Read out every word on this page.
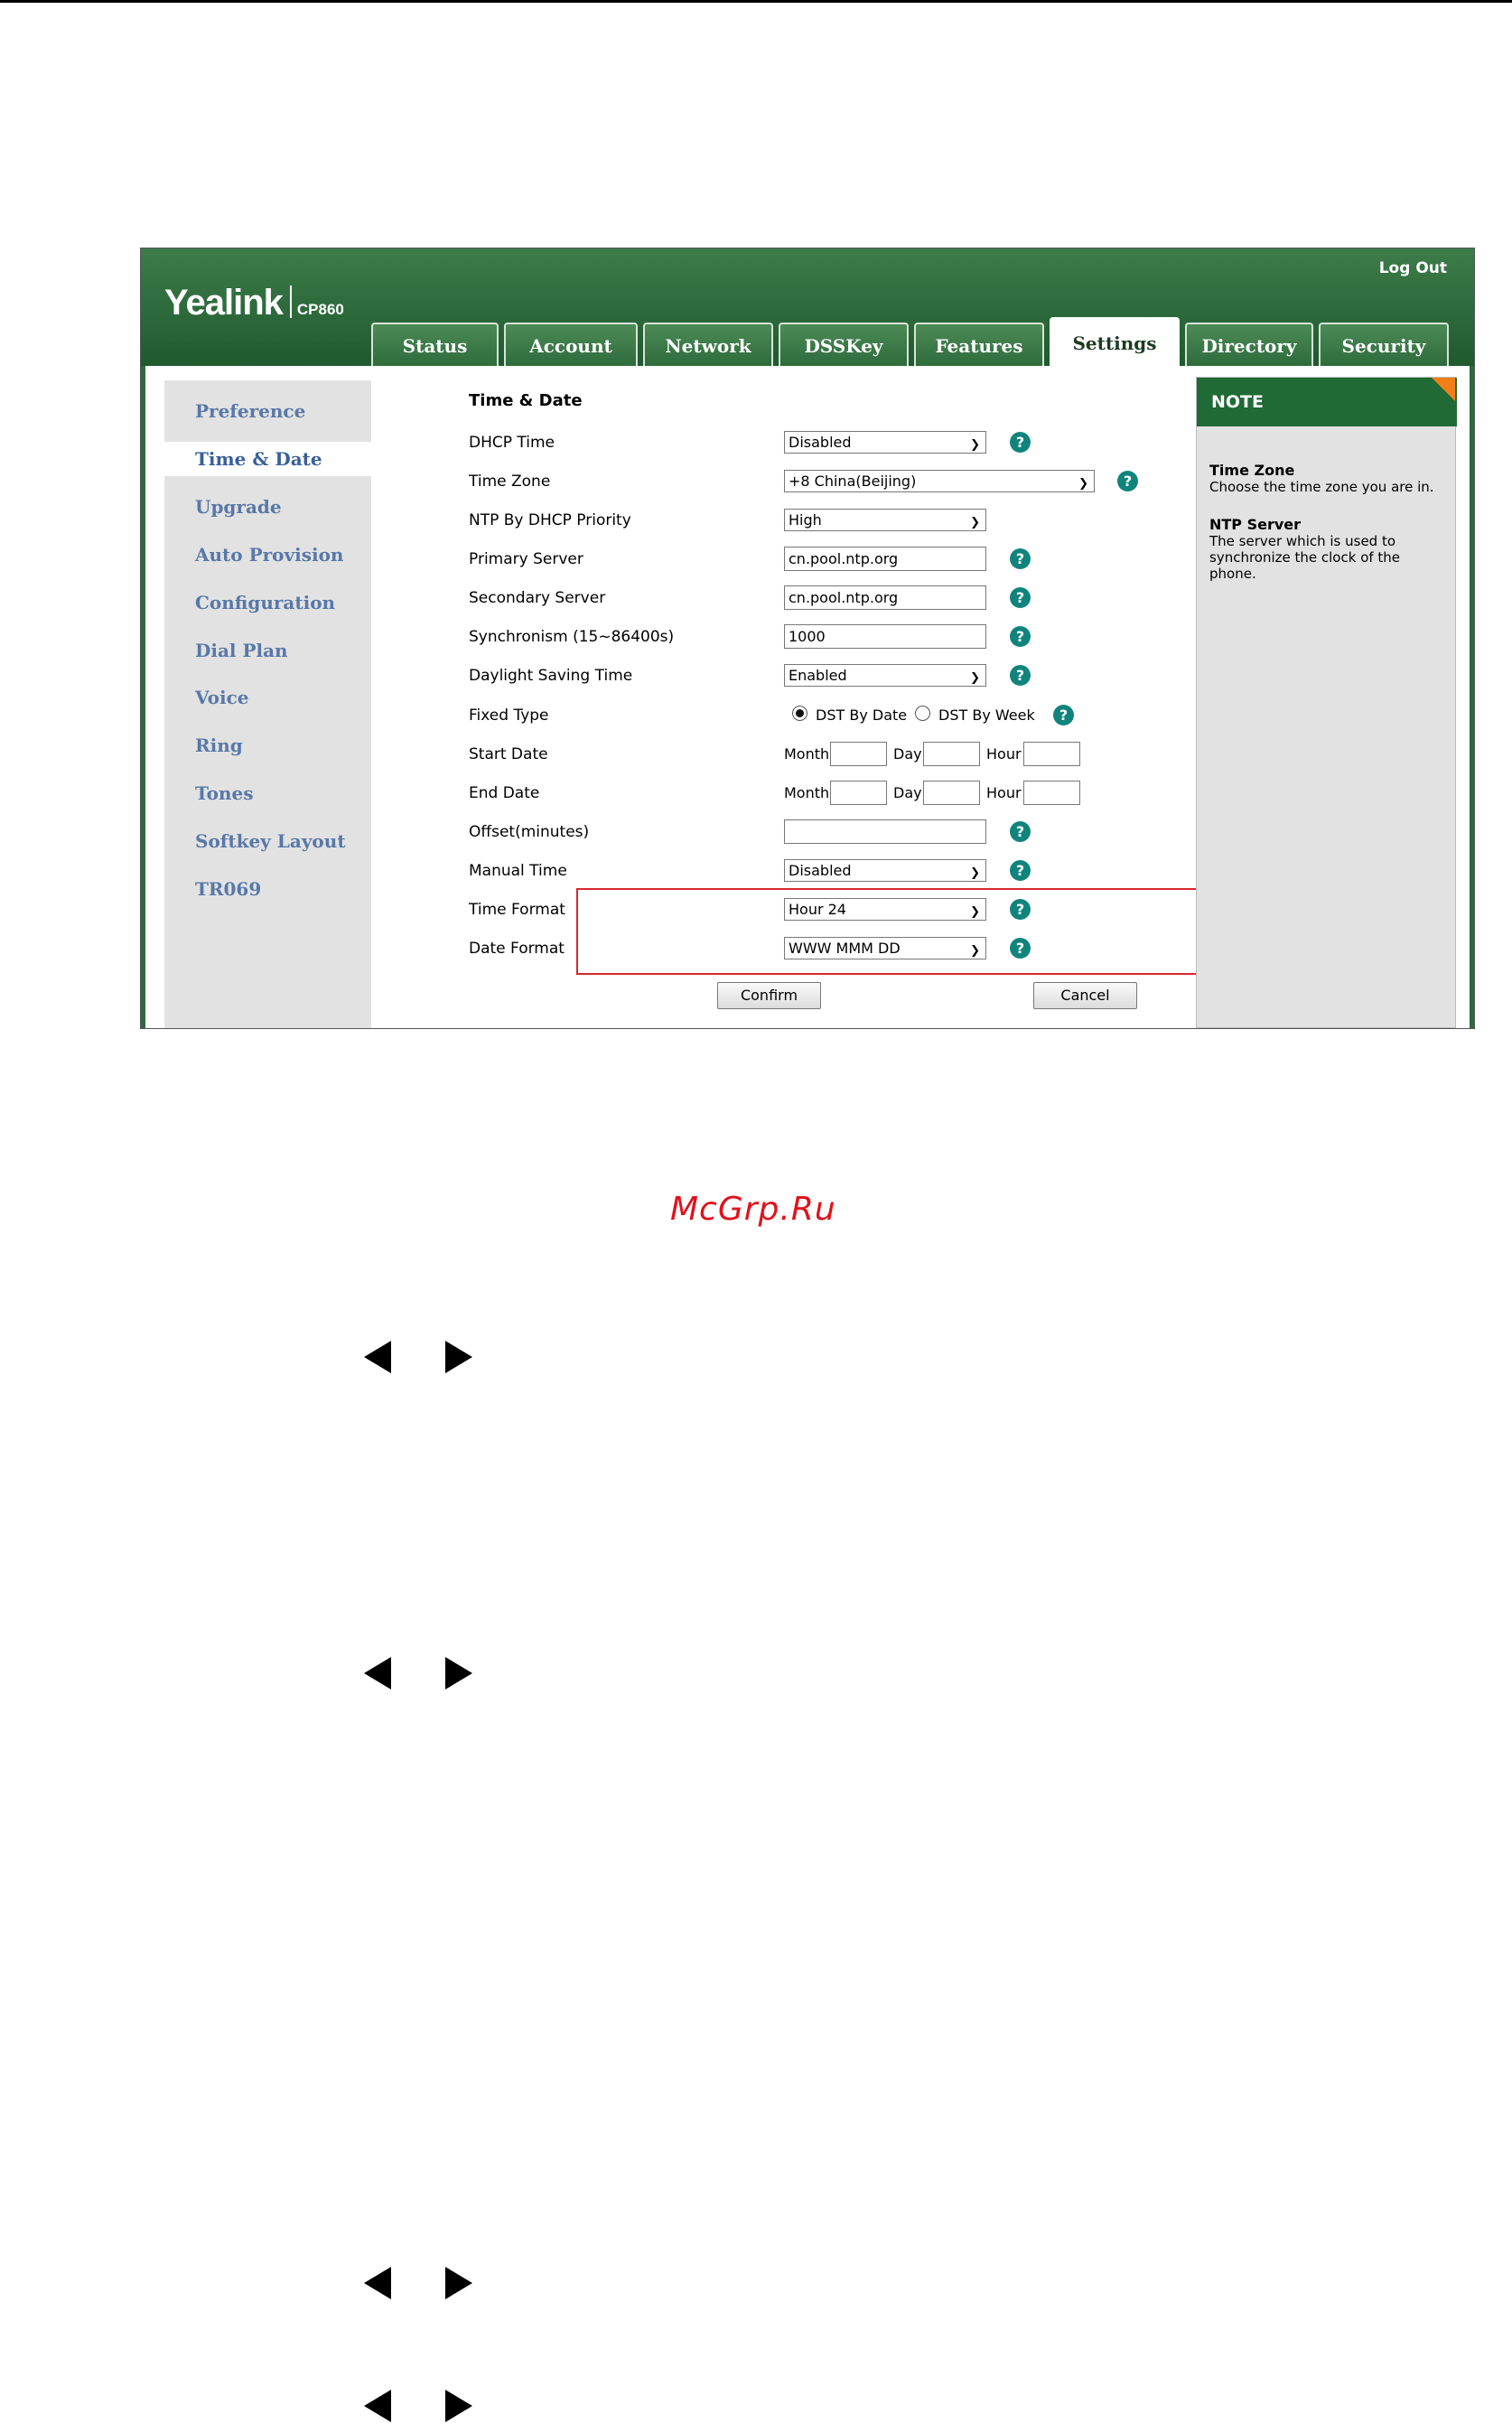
Yealink CP860
Log Out
Status	Account	Network	DSSKey	Features	Settings	Directory	Security
Preference
Time & Date
Upgrade
Auto Provision
Configuration
Dial Plan
Voice
Ring
Tones
Softkey Layout
TR069
Time & Date
DHCP Time	Disabled	❯	?
Time Zone	+8 China(Beijing)	❯	?
NTP By DHCP Priority	High	❯
Primary Server	cn.pool.ntp.org	?
Secondary Server	cn.pool.ntp.org	?
Synchronism (15~86400s)	1000	?
Daylight Saving Time	Enabled	❯	?
Fixed Type	DST By Date DST By Week	?
Start Date	Month	Day	Hour
End Date	Month	Day	Hour
Offset(minutes)	?
Manual Time	Disabled	❯	?
Time Format	Hour 24	❯	?
Date Format	WWW MMM DD	❯	?
Confirm	Cancel
NOTE
Time Zone
Choose the time zone you are in.
NTP Server
The server which is used to synchronize the clock of the phone.
McGrp.Ru
